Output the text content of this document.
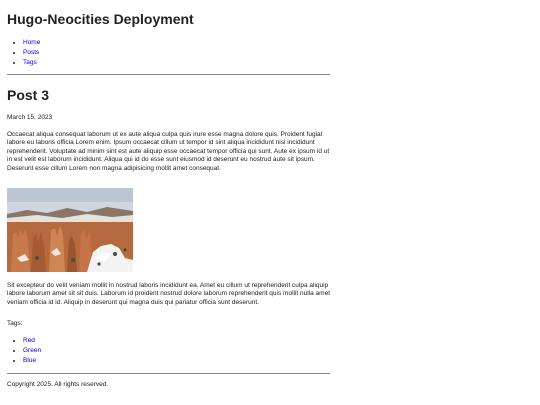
Hugo-Neocities Deployment
• Home
• Posts
• Tags
Post 3
March 15, 2023

Occaecat aliqua consequat laborum ut ex aute aliqua culpa quis irure esse magna dolore quis. Proident fugiat labore eu laboris officia Lorem enim. Ipsum occaecat cillum ut tempor id sint aliqua incididunt nisi incididunt reprehenderit. Voluptate ad minim sint est aute aliquip esse occaecat tempor officia qui sunt. Aute ex ipsum id ut in est velit est laborum incididunt. Aliqua qui id do esse sunt eiusmod id deserunt eu nostrud aute sit ipsum. Deserunt esse cillum Lorem non magna adipisicing mollit amet consequat.

Sit excepteur do velit veniam mollit in nostrud laboris incididunt ea. Amet eu cillum ut reprehenderit culpa aliquip labore laborum amet sit sit duis. Laborum id proident nostrud dolore laborum reprehenderit quis mollit nulla amet veniam officia id id. Aliquip in deserunt qui magna duis qui pariatur officia sunt deserunt.

Tags:
• Red
• Green
• Blue
Copyright 2025. All rights reserved.
